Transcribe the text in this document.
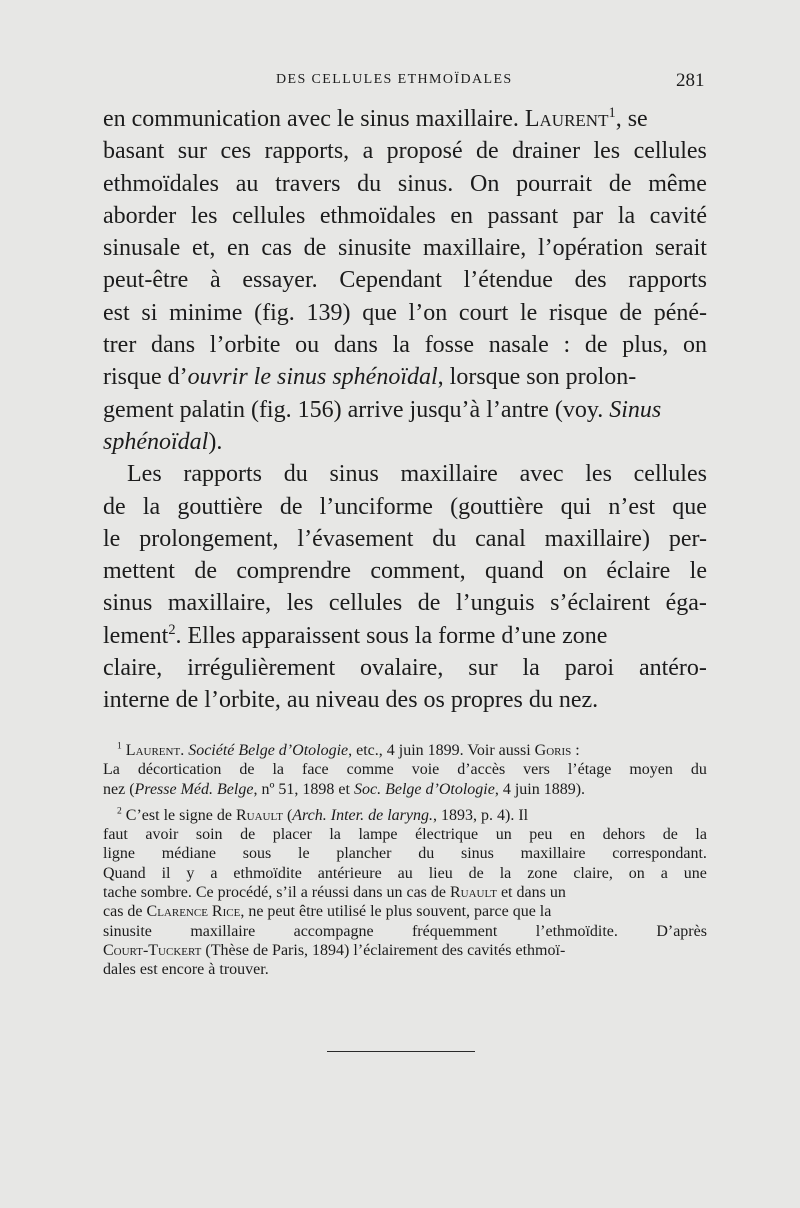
DES CELLULES ETHMOÏDALES	281
en communication avec le sinus maxillaire. Laurent$^1$, se
basant sur ces rapports, a proposé de drainer les cellules
ethmoïdales au travers du sinus. On pourrait de même
aborder les cellules ethmoïdales en passant par la cavité
sinusale et, en cas de sinusite maxillaire, l’opération serait
peut-être à essayer. Cependant l’étendue des rapports
est si minime (fig. 139) que l’on court le risque de péné-
trer dans l’orbite ou dans la fosse nasale : de plus, on
risque d’ouvrir le sinus sphénoïdal, lorsque son prolon-
gement palatin (fig. 156) arrive jusqu’à l’antre (voy. Sinus
sphénoïdal ).
Les rapports du sinus maxillaire avec les cellules
de la gouttière de l’unciforme (gouttière qui n’est que
le prolongement, l’évasement du canal maxillaire) per-
mettent de comprendre comment, quand on éclaire le
sinus maxillaire, les cellules de l’unguis s’éclairent éga-
lement$^2$. Elles apparaissent sous la forme d’une zone
claire, irrégulièrement ovalaire, sur la paroi antéro-
interne de l’orbite, au niveau des os propres du nez.
$^1$ Laurent. Société Belge d’Otologie, etc., 4 juin 1899. Voir aussi Goris :
La décortication de la face comme voie d’accès vers l’étage moyen du
nez (Presse Méd. Belge, nº 51, 1898 et Soc. Belge d’Otologie, 4 juin 1889).
$^2$ C’est le signe de Ruault (Arch. Inter. de laryng., 1893, p. 4). Il
faut avoir soin de placer la lampe électrique un peu en dehors de la
ligne médiane sous le plancher du sinus maxillaire correspondant.
Quand il y a ethmoïdite antérieure au lieu de la zone claire, on a une
tache sombre. Ce procédé, s’il a réussi dans un cas de Ruault et dans un
cas de Clarence Rice, ne peut être utilisé le plus souvent, parce que la
sinusite maxillaire accompagne fréquemment l’ethmoïdite. D’après
Court-Tuckert (Thèse de Paris, 1894) l’éclairement des cavités ethmoï-
dales est encore à trouver.
